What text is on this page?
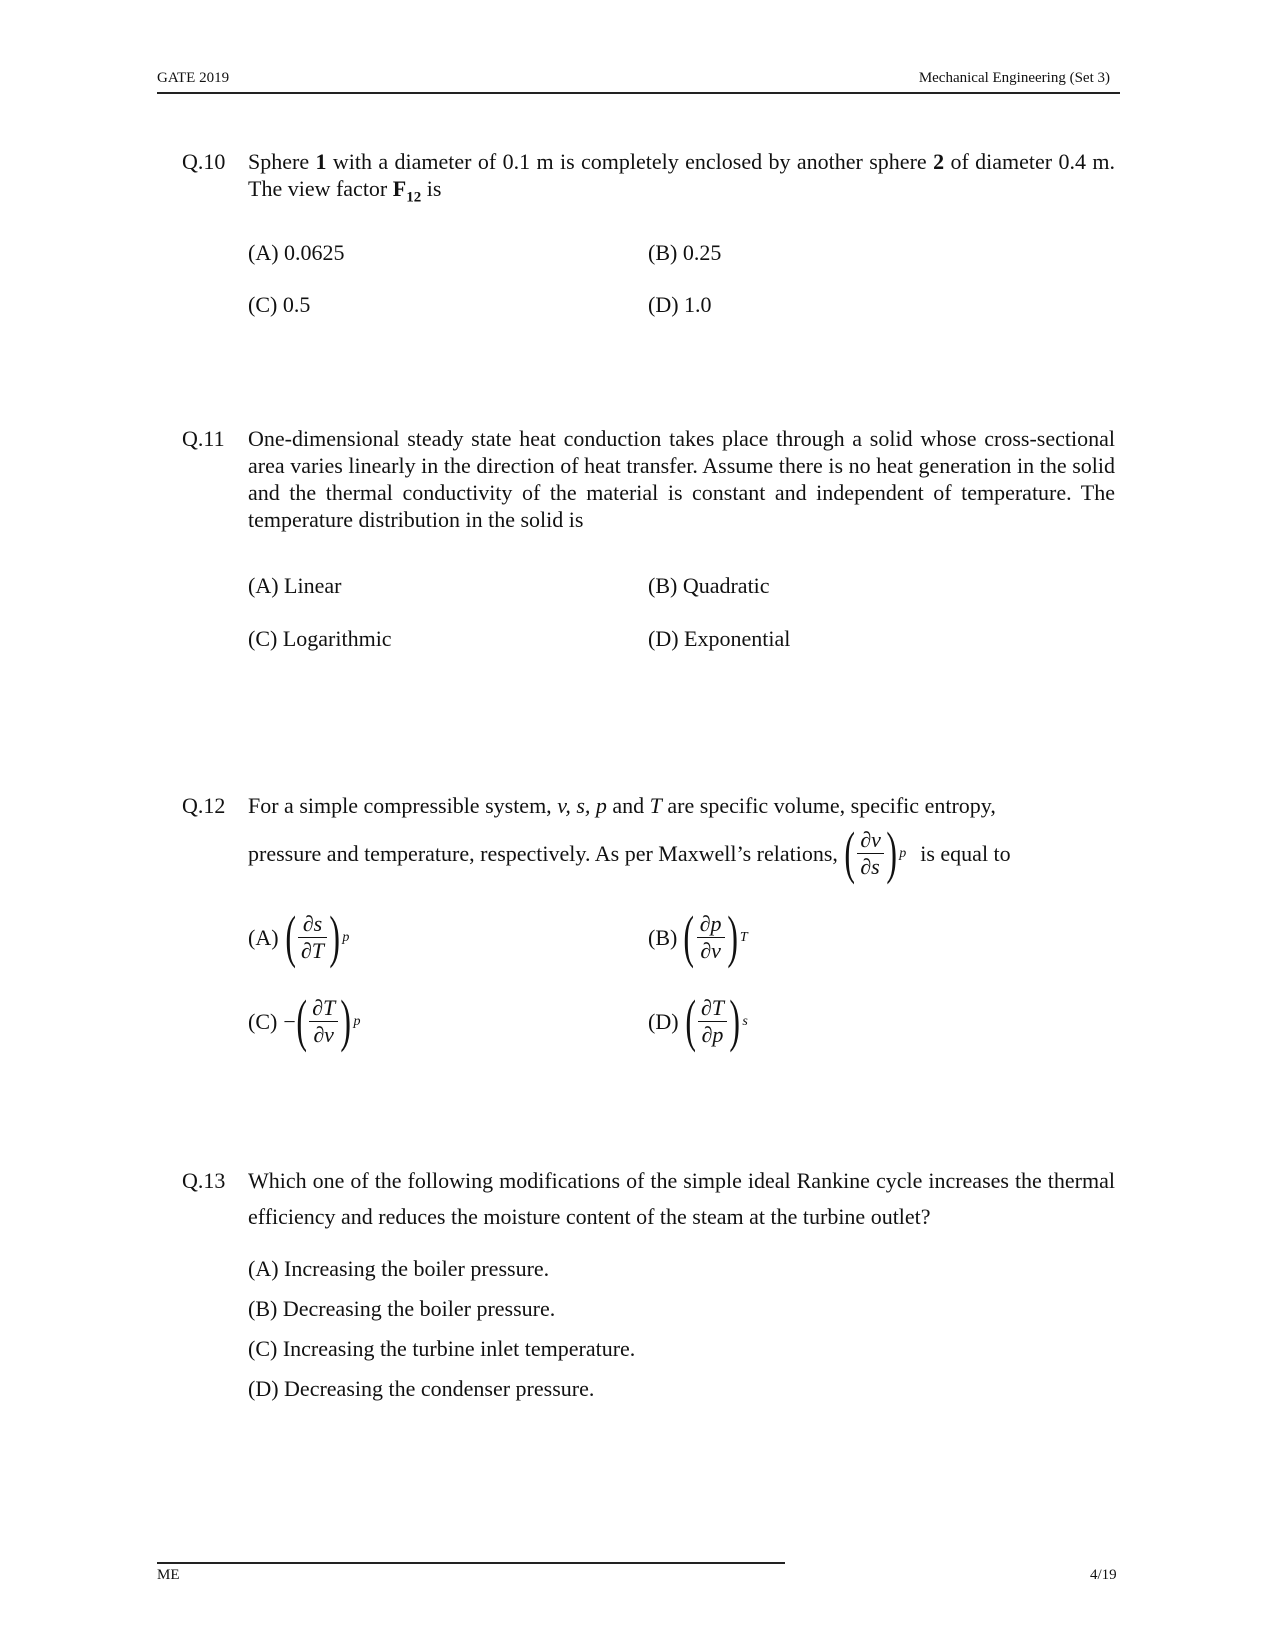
GATE 2019	Mechanical Engineering (Set 3)
Q.10 Sphere 1 with a diameter of 0.1 m is completely enclosed by another sphere 2 of diameter 0.4 m. The view factor $F_{12}$ is
(A) 0.0625	(B) 0.25
(C) 0.5	(D) 1.0
Q.11 One-dimensional steady state heat conduction takes place through a solid whose cross-sectional area varies linearly in the direction of heat transfer. Assume there is no heat generation in the solid and the thermal conductivity of the material is constant and independent of temperature. The temperature distribution in the solid is
(A) Linear	(B) Quadratic
(C) Logarithmic	(D) Exponential
Q.12 For a simple compressible system, v, s, p and T are specific volume, specific entropy,
pressure and temperature, respectively. As per Maxwell’s relations, ( $\frac{\partial v}{\partial s}$ ) p is equal to
(A) ( $\frac{\partial s}{\partial T}$ ) p	(B) ( $\frac{\partial p}{\partial v}$ ) T
(C) − ( $\frac{\partial T}{\partial v}$ ) p	(D) ( $\frac{\partial T}{\partial p}$ ) s
Q.13 Which one of the following modifications of the simple ideal Rankine cycle increases the thermal efficiency and reduces the moisture content of the steam at the turbine outlet?
(A) Increasing the boiler pressure.
(B) Decreasing the boiler pressure.
(C) Increasing the turbine inlet temperature.
(D) Decreasing the condenser pressure.
ME	4/19
